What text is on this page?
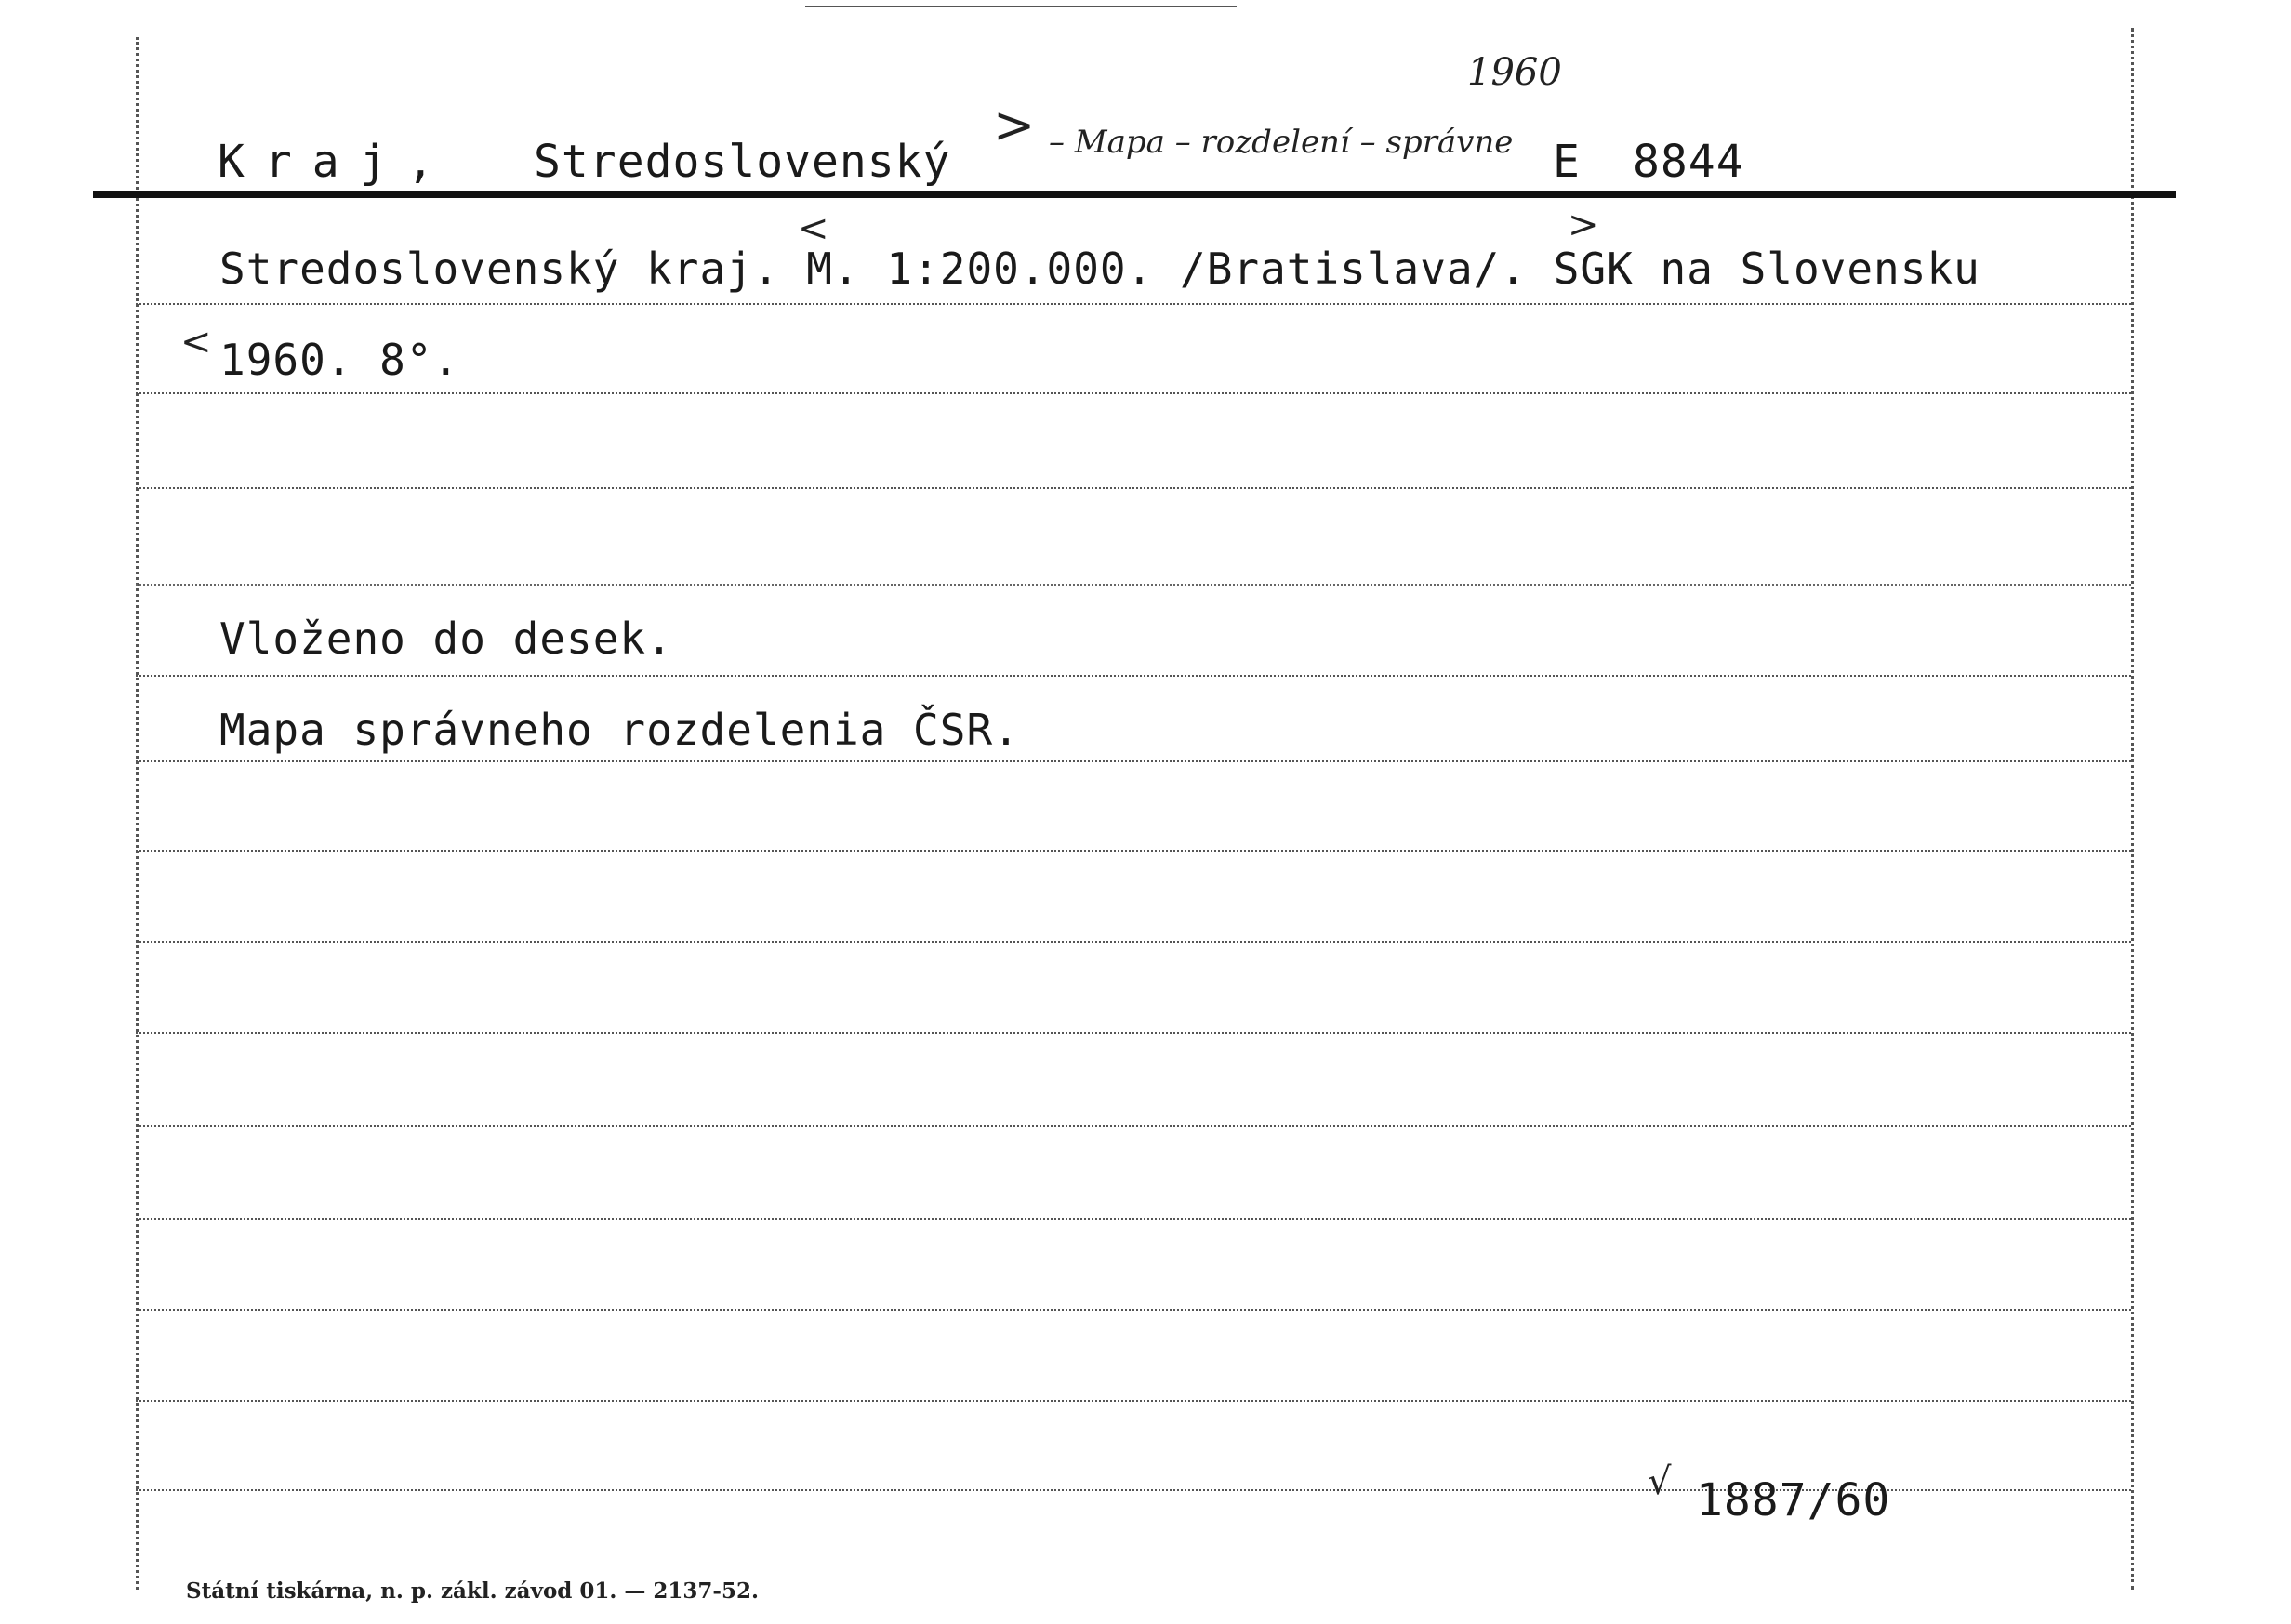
Kraj, Stredoslovenský
> – Mapa – rozdelení – správne
1960
E 8844
Stredoslovenský kraj. M. 1:200.000. /Bratislava/. SGK na Slovensku
<	>
< 1960. 8°.
Vloženo do desek.
Mapa správneho rozdelenia ČSR.
√ 1887/60
Státní tiskárna, n. p. zákl. závod 01. — 2137-52.
